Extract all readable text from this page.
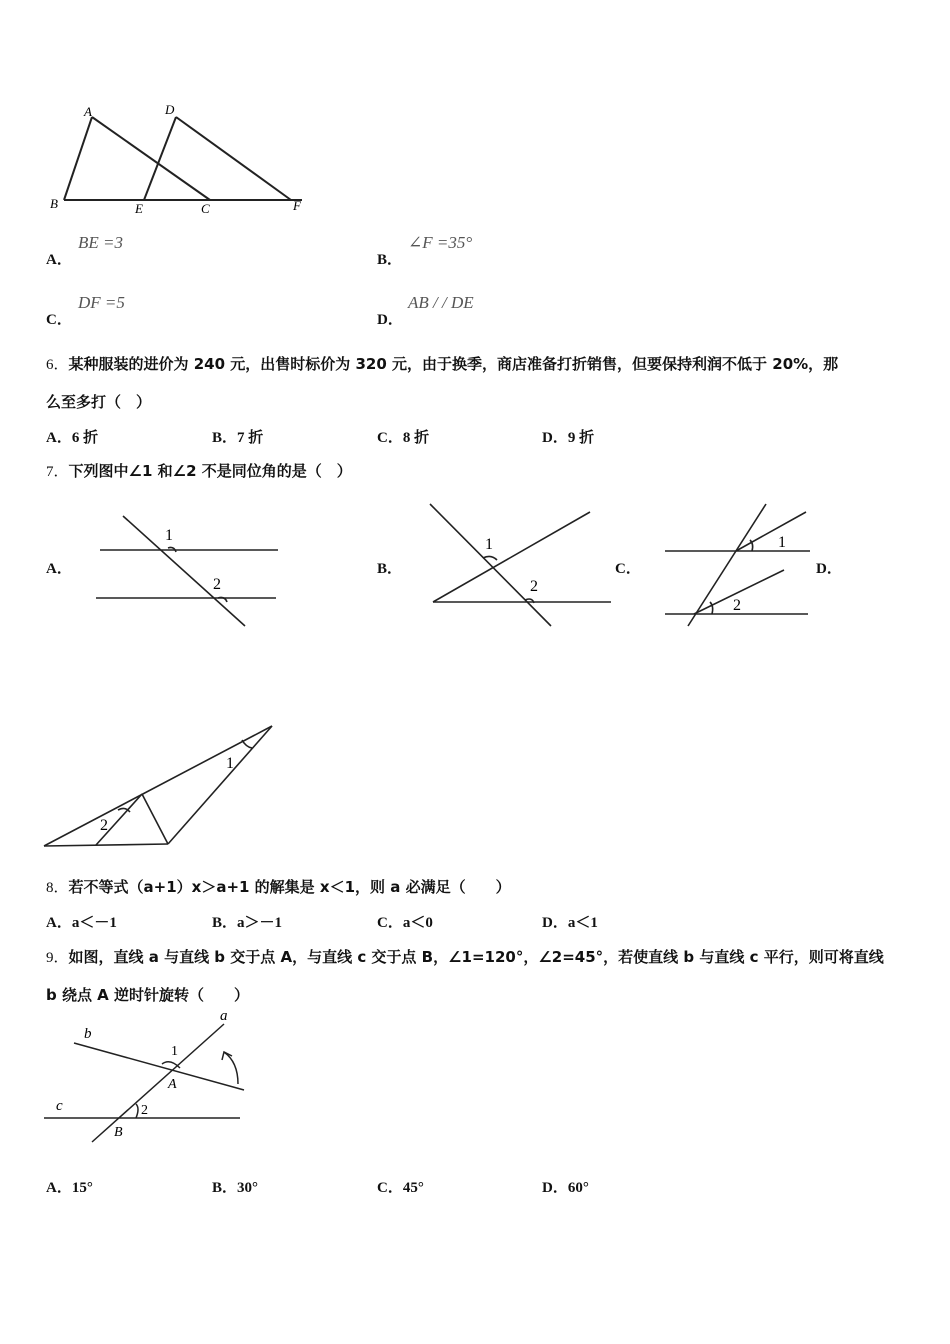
A	D
B	E	C	F
A．
BE =3
B．
∠F =35°
C．
DF =5
D．
AB / / DE
6．某种服装的进价为 240 元，出售时标价为 320 元，由于换季，商店准备打折销售，但要保持利润不低于 20%，那
么至多打（　）
A．6 折	B．7 折	C．8 折	D．9 折
7．下列图中∠1 和∠2 不是同位角的是（　）
A．
1
2
B．
1
2
C．
1
2
D．
1
2
8．若不等式（a+1）x＞a+1 的解集是 x＜1，则 a 必满足（　　）
A．a＜－1	B．a＞－1	C．a＜0	D．a＜1
9．如图，直线 a 与直线 b 交于点 A，与直线 c 交于点 B，∠1=120°，∠2=45°，若使直线 b 与直线 c 平行，则可将直线
b 绕点 A 逆时针旋转（　　）
a
b
c
A
B
1
2
A．15°	B．30°	C．45°	D．60°
